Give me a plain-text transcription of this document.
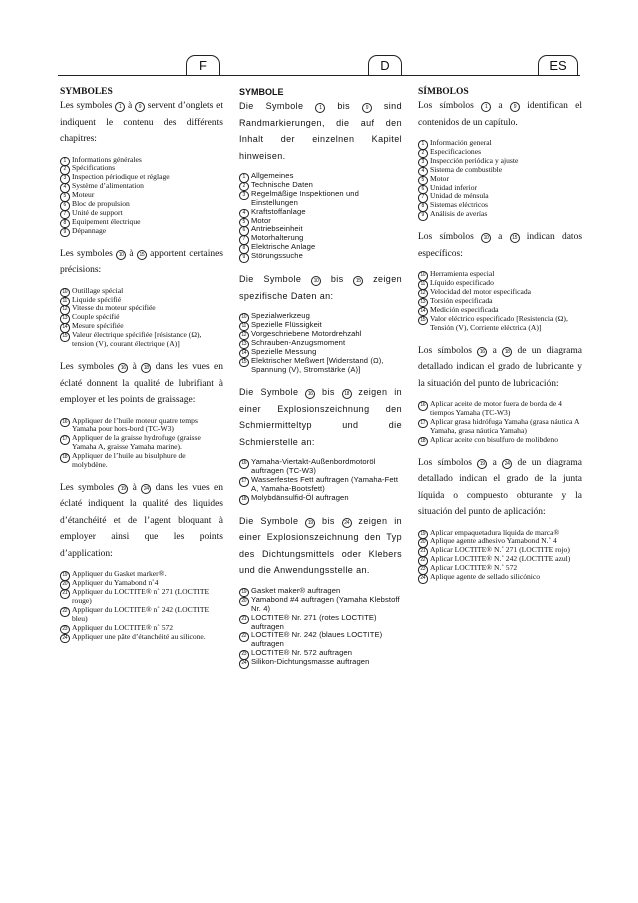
F	D	ES
SYMBOLES

Les symboles 1 à 9 servent d’onglets et indiquent le contenu des différents chapitres:

1 Informations générales
2 Spécifications
3 Inspection périodique et réglage
4 Système d’alimentation
5 Moteur
6 Bloc de propulsion
7 Unité de support
8 Equipement électrique
9 Dépannage

Les symboles 10 à 15 apportent certaines précisions:

10 Outillage spécial
11 Liquide spécifié
12 Vitesse du moteur spécifiée
13 Couple spécifié
14 Mesure spécifiée
15 Valeur électrique spécifiée [résistance (Ω), tension (V), courant électrique (A)]

Les symboles 16 à 18 dans les vues en éclaté donnent la qualité de lubrifiant à employer et les points de graissage:

16 Appliquer de l’huile moteur quatre temps Yamaha pour hors-bord (TC-W3)
17 Appliquer de la graisse hydrofuge (graisse Yamaha A, graisse Yamaha marine).
18 Appliquer de l’huile au bisulphure de molybdène.

Les symboles 19 à 24 dans les vues en éclaté indiquent la qualité des liquides d’étanchéité et de l’agent bloquant à employer ainsi que les points d’application:

19 Appliquer du Gasket marker®.
20 Appliquer du Yamabond n˚4
21 Appliquer du LOCTITE® n˚ 271 (LOCTITE rouge)
22 Appliquer du LOCTITE® n˚ 242 (LOCTITE bleu)
23 Appliquer du LOCTITE® n˚ 572
24 Appliquer une pâte d’étanchéité au silicone.
SYMBOLE

Die Symbole 1 bis 9 sind Randmarkierungen, die auf den Inhalt der einzelnen Kapitel hinweisen.

1 Allgemeines
2 Technische Daten
3 Regelmäßige Inspektionen und Einstellungen
4 Kraftstoffanlage
5 Motor
6 Antriebseinheit
7 Motorhalterung
8 Elektrische Anlage
9 Störungssuche

Die Symbole 10 bis 15 zeigen spezifische Daten an:

10 Spezialwerkzeug
11 Spezielle Flüssigkeit
12 Vorgeschriebene Motordrehzahl
13 Schrauben-Anzugsmoment
14 Spezielle Messung
15 Elektrischer Meßwert [Widerstand (Ω), Spannung (V), Stromstärke (A)]

Die Symbole 16 bis 18 zeigen in einer Explosionszeichnung den Schmiermitteltyp und die Schmierstelle an:

16 Yamaha-Viertakt-Außenbordmotoröl auftragen (TC-W3)
17 Wasserfestes Fett auftragen (Yamaha-Fett A, Yamaha-Bootsfett)
18 Molybdänsulfid-Öl auftragen

Die Symbole 19 bis 24 zeigen in einer Explosionszeichnung den Typ des Dichtungsmittels oder Klebers und die Anwendungsstelle an.

19 Gasket maker® auftragen
20 Yamabond #4 auftragen (Yamaha Klebstoff Nr. 4)
21 LOCTITE® Nr. 271 (rotes LOCTITE) auftragen
22 LOCTITE® Nr. 242 (blaues LOCTITE) auftragen
23 LOCTITE® Nr. 572 auftragen
24 Silikon-Dichtungsmasse auftragen
SÍMBOLOS

Los símbolos 1 a 9 identifican el contenidos de un capítulo.

1 Información general
2 Especificaciones
3 Inspección periódica y ajuste
4 Sistema de combustible
5 Motor
6 Unidad inferior
7 Unidad de ménsula
8 Sistemas eléctricos
9 Análisis de averías

Los símbolos 10 a 15 indican datos específicos:

10 Herramienta especial
11 Líquido especificado
12 Velocidad del motor especificada
13 Torsión especificada
14 Medición especificada
15 Valor eléctrico especificado [Resistencia (Ω), Tensión (V), Corriente eléctrica (A)]

Los símbolos 16 a 18 de un diagrama detallado indican el grado de lubricante y la situación del punto de lubricación:

16 Aplicar aceite de motor fuera de borda de 4 tiempos Yamaha (TC-W3)
17 Aplicar grasa hidrófuga Yamaha (grasa náutica A Yamaha, grasa náutica Yamaha)
18 Aplicar aceite con bisulfuro de molibdeno

Los símbolos 19 a 24 de un diagrama detallado indican el grado de la junta líquida o compuesto obturante y la situación del punto de aplicación:

19 Aplicar empaquetadura líquida de marca®
20 Aplique agente adhesivo Yamabond N.˚ 4
21 Aplicar LOCTITE® N.˚ 271 (LOCTITE rojo)
22 Aplicar LOCTITE® N.˚ 242 (LOCTITE azul)
23 Aplicar LOCTITE® N.˚ 572
24 Aplique agente de sellado silicónico
